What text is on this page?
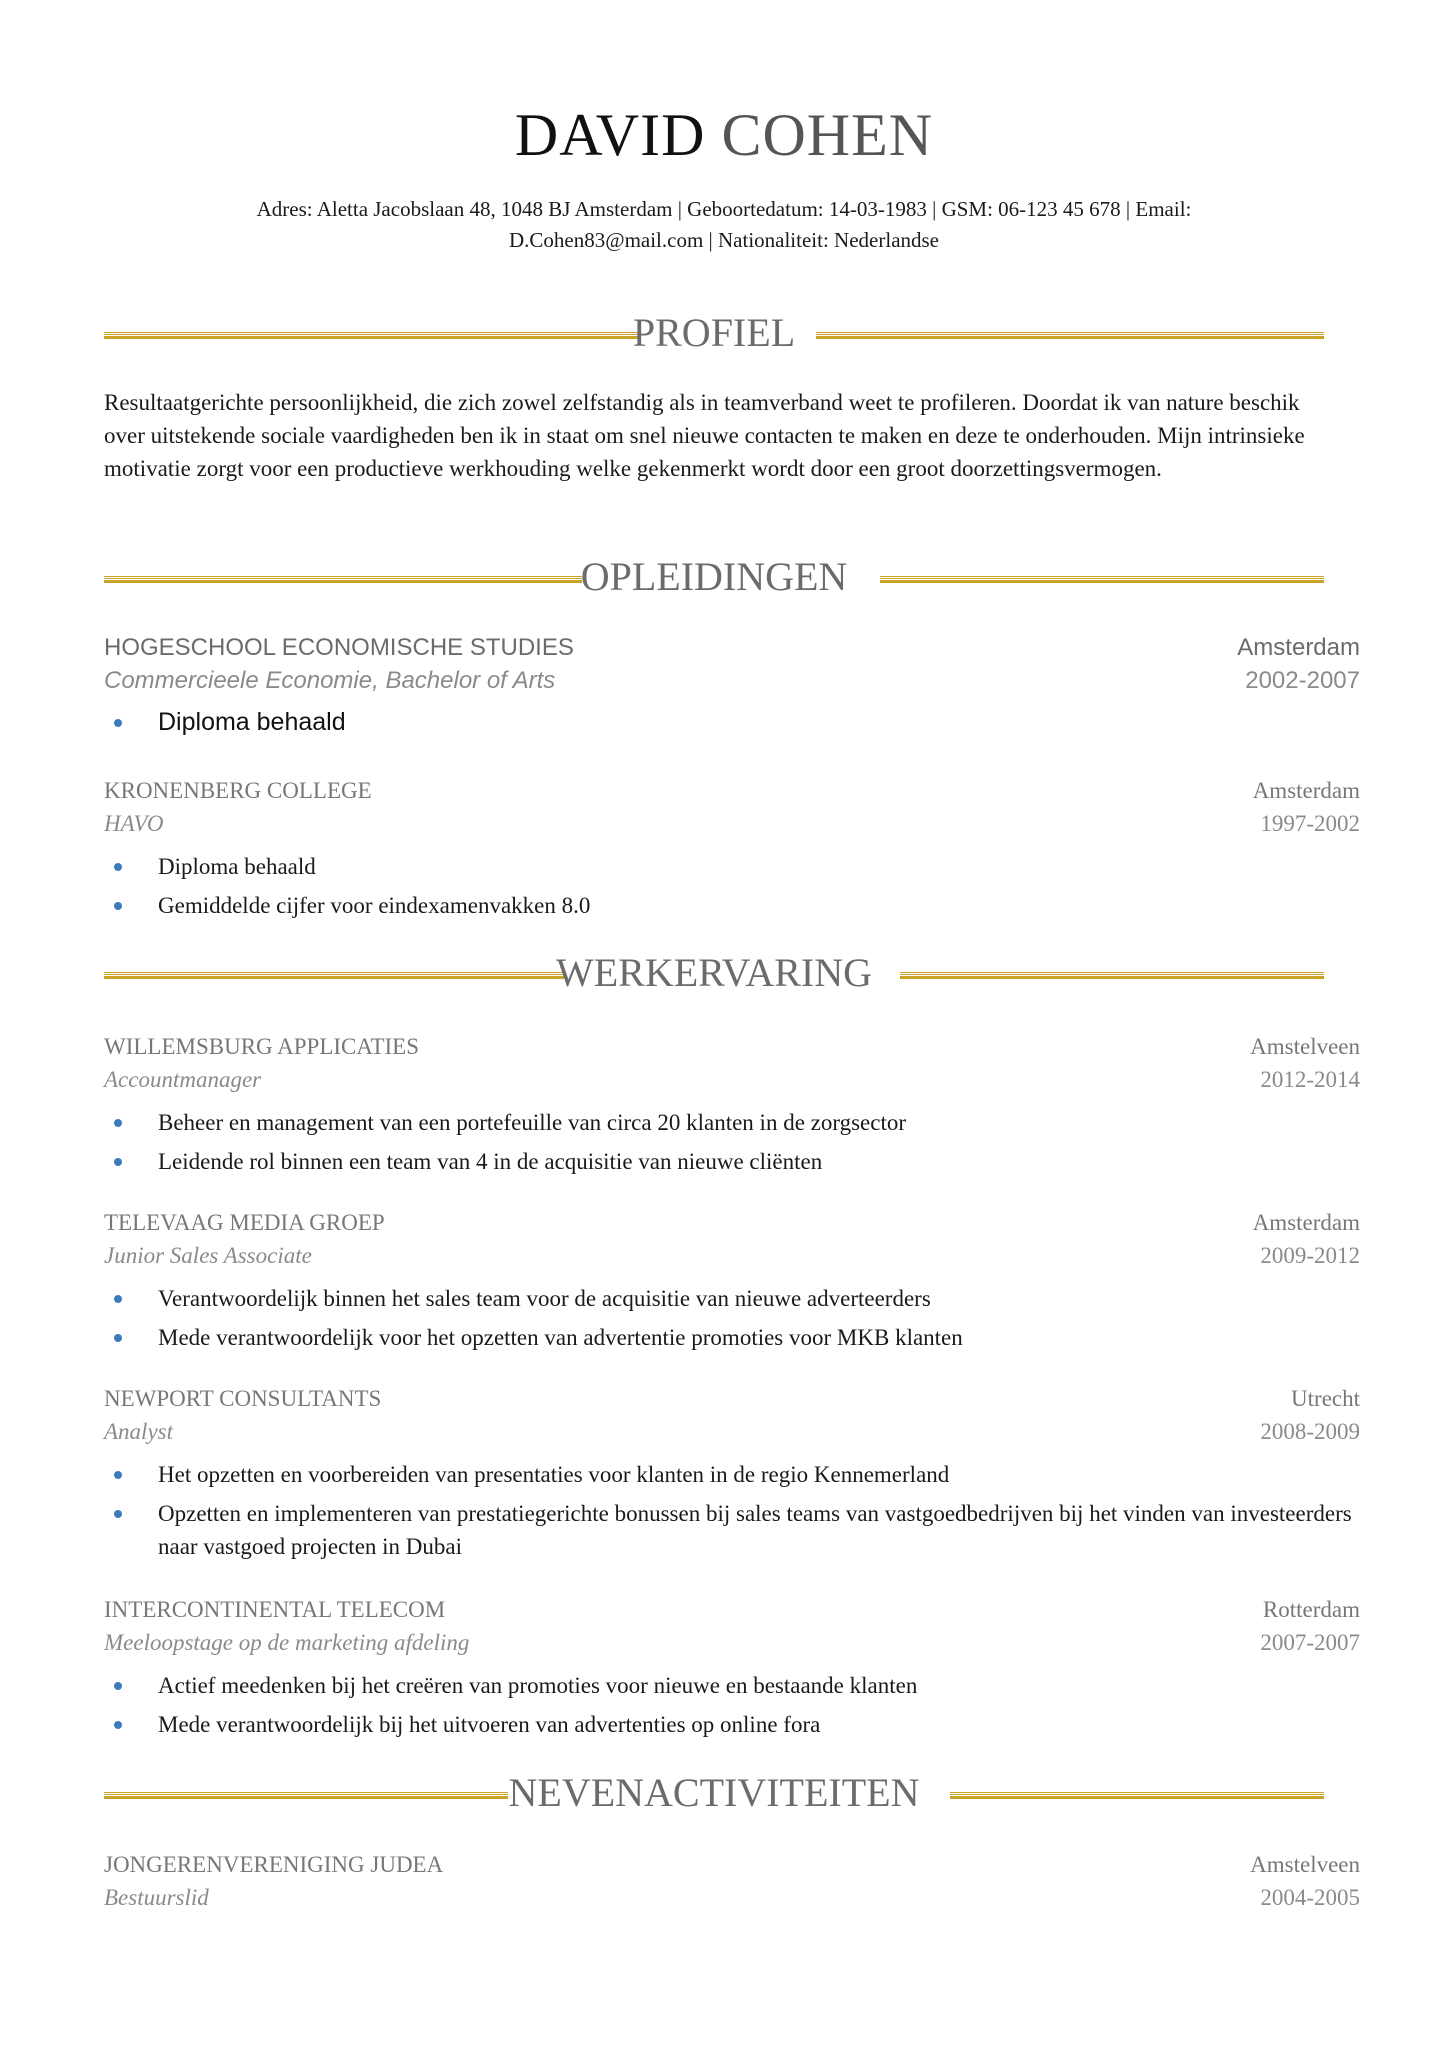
DAVID COHEN
Adres: Aletta Jacobslaan 48, 1048 BJ Amsterdam | Geboortedatum: 14-03-1983 | GSM: 06-123 45 678 | Email:
D.Cohen83@mail.com | Nationaliteit: Nederlandse
PROFIEL
Resultaatgerichte persoonlijkheid, die zich zowel zelfstandig als in teamverband weet te profileren. Doordat ik van nature beschik over uitstekende sociale vaardigheden ben ik in staat om snel nieuwe contacten te maken en deze te onderhouden. Mijn intrinsieke motivatie zorgt voor een productieve werkhouding welke gekenmerkt wordt door een groot doorzettingsvermogen.
OPLEIDINGEN
HOGESCHOOL ECONOMISCHE STUDIES	Amsterdam
Commercieele Economie, Bachelor of Arts	2002-2007
Diploma behaald
KRONENBERG COLLEGE	Amsterdam
HAVO	1997-2002
Diploma behaald
Gemiddelde cijfer voor eindexamenvakken 8.0
WERKERVARING
WILLEMSBURG APPLICATIES	Amstelveen
Accountmanager	2012-2014
Beheer en management van een portefeuille van circa 20 klanten in de zorgsector
Leidende rol binnen een team van 4 in de acquisitie van nieuwe cliënten
TELEVAAG MEDIA GROEP	Amsterdam
Junior Sales Associate	2009-2012
Verantwoordelijk binnen het sales team voor de acquisitie van nieuwe adverteerders
Mede verantwoordelijk voor het opzetten van advertentie promoties voor MKB klanten
NEWPORT CONSULTANTS	Utrecht
Analyst	2008-2009
Het opzetten en voorbereiden van presentaties voor klanten in de regio Kennemerland
Opzetten en implementeren van prestatiegerichte bonussen bij sales teams van vastgoedbedrijven bij het vinden van investeerders naar vastgoed projecten in Dubai
INTERCONTINENTAL TELECOM	Rotterdam
Meeloopstage op de marketing afdeling	2007-2007
Actief meedenken bij het creëren van promoties voor nieuwe en bestaande klanten
Mede verantwoordelijk bij het uitvoeren van advertenties op online fora
NEVENACTIVITEITEN
JONGERENVERENIGING JUDEA	Amstelveen
Bestuurslid	2004-2005
